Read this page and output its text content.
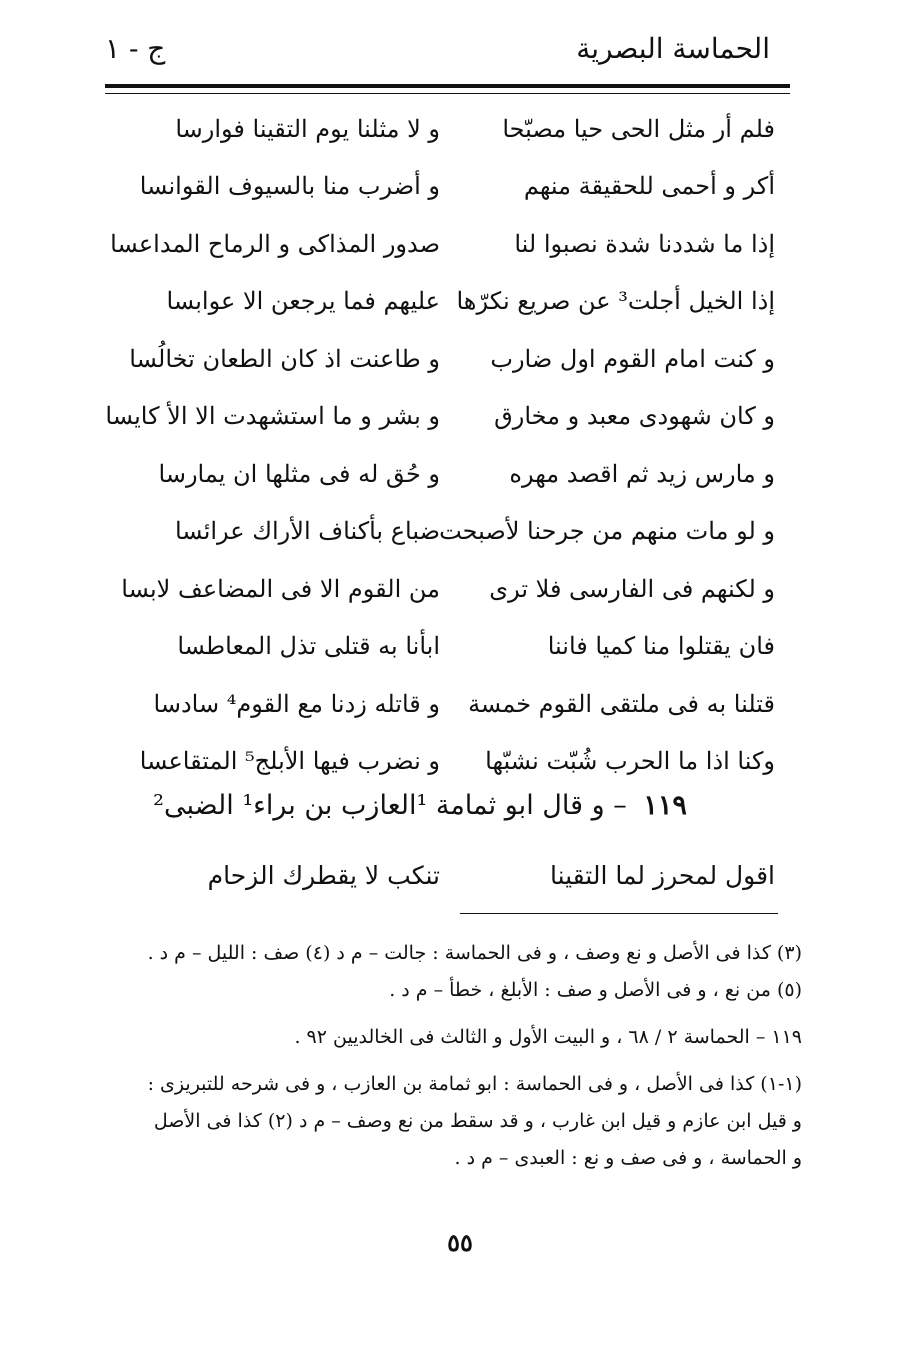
الحماسة البصرية
ج - ١
فلم أر مثل الحى حيا مصبّحا
و لا مثلنا يوم التقينا فوارسا
أكر و أحمى للحقيقة منهم
و أضرب منا بالسيوف القوانسا
إذا ما شددنا شدة نصبوا لنا
صدور المذاكى و الرماح المداعسا
إذا الخيل أجلت³ عن صريع نكرّها
عليهم فما يرجعن الا عوابسا
و كنت امام القوم اول ضارب
و طاعنت اذ كان الطعان تخالُسا
و كان شهودى معبد و مخارق
و بشر و ما استشهدت الا الأ كايسا
و مارس زيد ثم اقصد مهره
و حُق له فى مثلها ان يمارسا
و لو مات منهم من جرحنا لأصبحت
ضباع بأكناف الأراك عرائسا
و لكنهم فى الفارسى فلا ترى
من القوم الا فى المضاعف لابسا
فان يقتلوا منا كميا فاننا
ابأنا به قتلى تذل المعاطسا
قتلنا به فى ملتقى القوم خمسة
و قاتله زدنا مع القوم⁴ سادسا
وكنا اذا ما الحرب شُبّت نشبّها
و نضرب فيها الأبلج⁵ المتقاعسا
١١٩ – و قال ابو ثمامة ¹العازب بن براء¹ الضبى²
اقول لمحرز لما التقينا
تنكب لا يقطرك الزحام
(٣) كذا فى الأصل و نع وصف ، و فى الحماسة : جالت – م د (٤) صف : الليل – م د .
(٥) من نع ، و فى الأصل و صف : الأبلغ ، خطأ – م د .
١١٩ – الحماسة ٢ / ٦٨ ، و البيت الأول و الثالث فى الخالديين ٩٢ .
(١-١) كذا فى الأصل ، و فى الحماسة : ابو ثمامة بن العازب ، و فى شرحه للتبريزى :
و قيل ابن عازم و قيل ابن غارب ، و قد سقط من نع وصف – م د (٢) كذا فى الأصل
و الحماسة ، و فى صف و نع : العبدى – م د .
٥٥
